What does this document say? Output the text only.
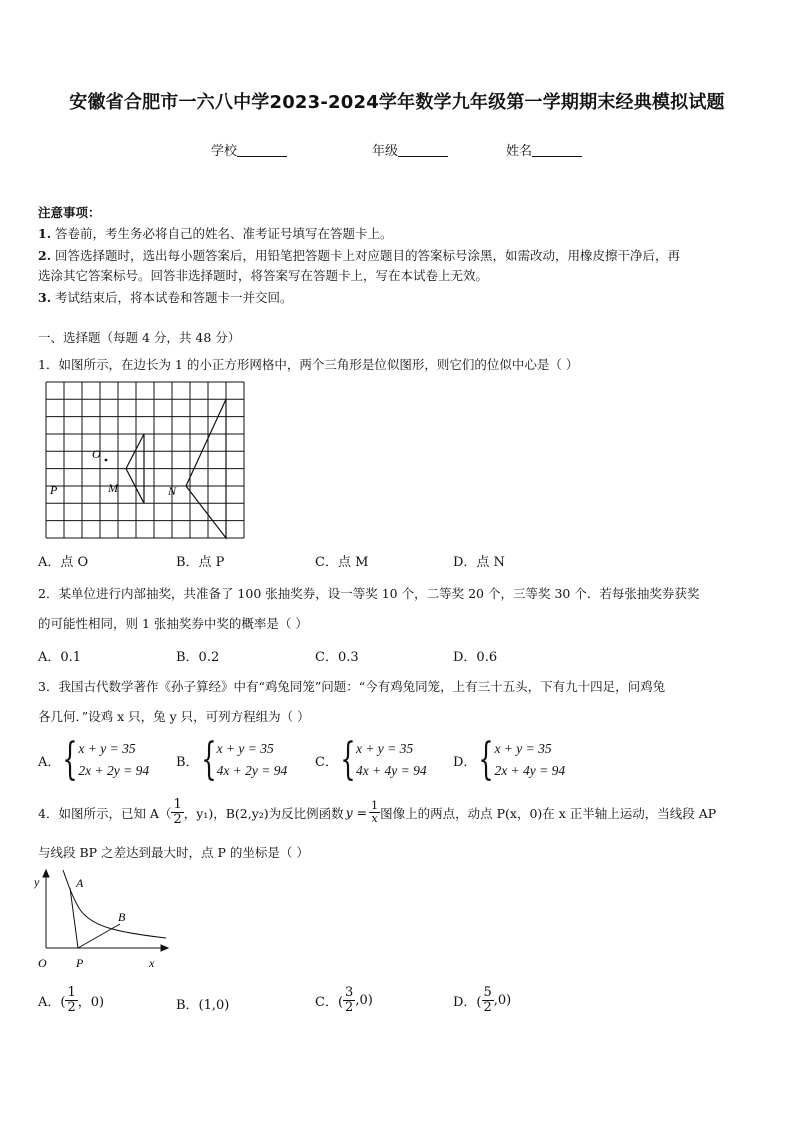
安徽省合肥市一六八中学2023-2024学年数学九年级第一学期期末经典模拟试题
学校	年级	姓名
注意事项：
1. 答卷前，考生务必将自己的姓名、准考证号填写在答题卡上。
2. 回答选择题时，选出每小题答案后，用铅笔把答题卡上对应题目的答案标号涂黑，如需改动，用橡皮擦干净后，再
选涂其它答案标号。回答非选择题时，将答案写在答题卡上，写在本试卷上无效。
3. 考试结束后，将本试卷和答题卡一并交回。
一、选择题（每题 4 分，共 48 分）
1．如图所示，在边长为 1 的小正方形网格中，两个三角形是位似图形，则它们的位似中心是（ ）
O
P	M	N
A．点 O	B．点 P	C．点 M	D．点 N
2．某单位进行内部抽奖，共准备了 100 张抽奖券，设一等奖 10 个，二等奖 20 个，三等奖 30 个．若每张抽奖券获奖
的可能性相同，则 1 张抽奖券中奖的概率是（ ）
A．0.1	B．0.2	C．0.3	D．0.6
3．我国古代数学著作《孙子算经》中有“鸡兔同笼”问题：“今有鸡兔同笼，上有三十五头，下有九十四足，问鸡兔
各几何．”设鸡 x 只，兔 y 只，可列方程组为（ ）
A． { x + y = 35
2x + 2y = 94
B． { x + y = 35
4x + 2y = 94
C． { x + y = 35
4x + 4y = 94
D． { x + y = 35
2x + 4y = 94
4．如图所示，已知 $A( \frac{1}{2}$ ，y₁)，B(2,y₂)为反比例函数 $y = \frac{1}{x}$ 图像上的两点，动点 P(x，0)在 x 正半轴上运动，当线段 AP
与线段 BP 之差达到最大时，点 P 的坐标是（ ）
y	A
B
O P	x
A．( $\frac{1}{2}$ ，0)	B．(1,0)	C．( $\frac{3}{2} ,0$)	D．( $\frac{5}{2} ,0$)
